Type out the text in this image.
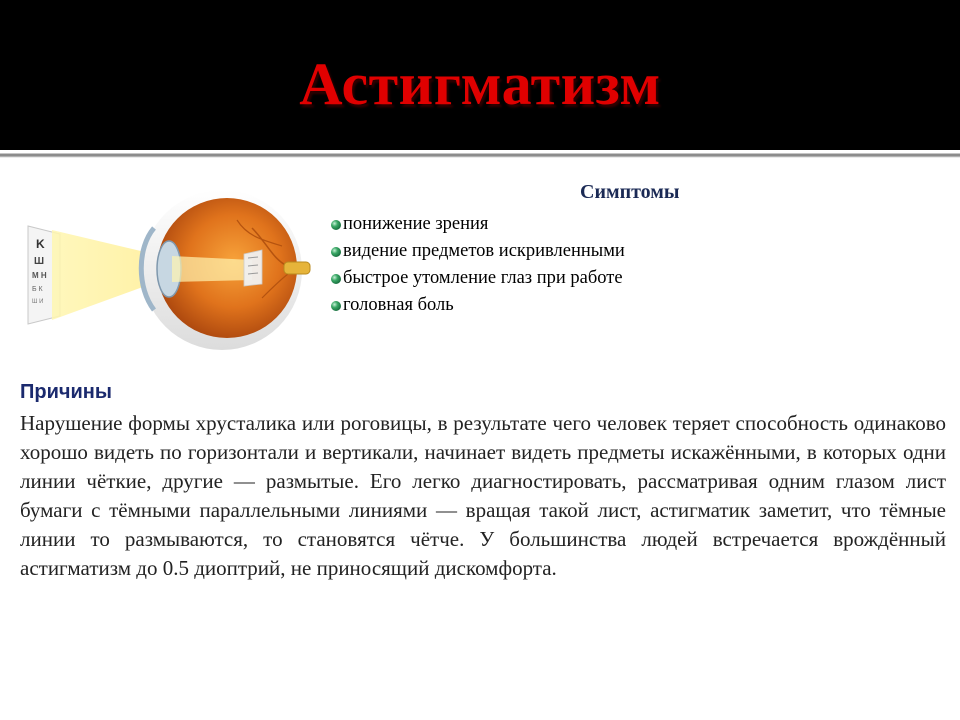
Астигматизм
K
Ш
М Н
Б К
Ш И
Симптомы
понижение зрения
видение предметов искривленными
быстрое утомление глаз при работе
головная боль
Причины

Нарушение формы хрусталика или роговицы, в результате чего человек теряет способность одинаково хорошо видеть по горизонтали и вертикали, начинает видеть предметы искажёнными, в которых одни линии чёткие, другие — размытые. Его легко диагностировать, рассматривая одним глазом лист бумаги с тёмными параллельными линиями — вращая такой лист, астигматик заметит, что тёмные линии то размываются, то становятся чётче. У большинства людей встречается врождённый астигматизм до 0.5 диоптрий, не приносящий дискомфорта.
